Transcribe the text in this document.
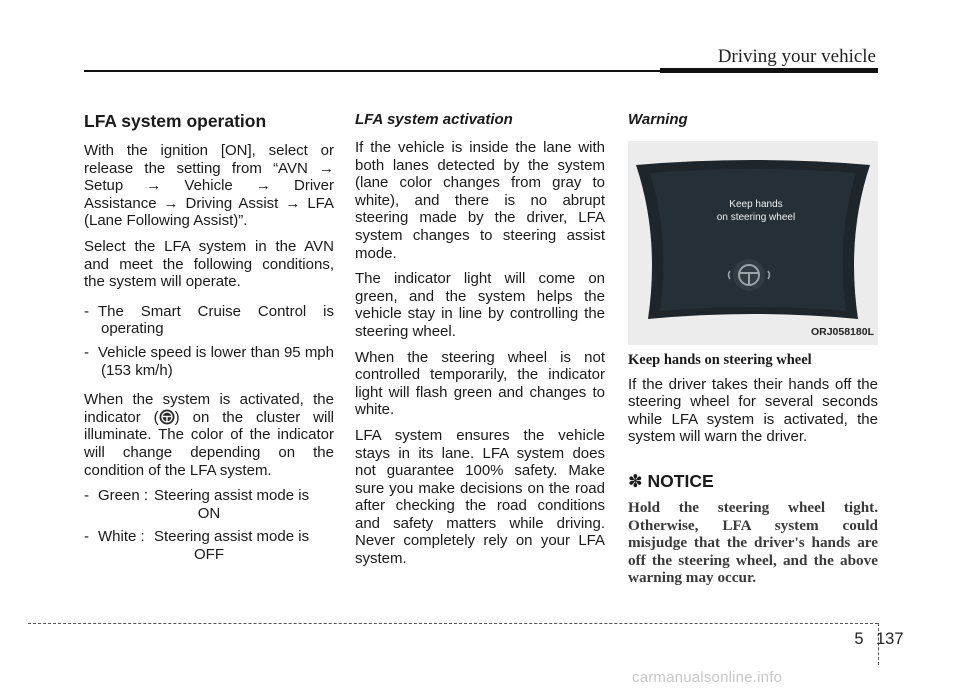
Driving your vehicle
LFA system operation

With the ignition [ON], select or release the setting from “AVN → Setup → Vehicle → Driver Assistance → Driving Assist → LFA (Lane Following Assist)”.

Select the LFA system in the AVN and meet the following conditions, the system will operate.

- The Smart Cruise Control is operating
- Vehicle speed is lower than 95 mph (153 km/h)

When the system is activated, the indicator ( ) on the cluster will illuminate. The color of the indicator will change depending on the condition of the LFA system.

- Green : Steering assist mode is
ON
- White : Steering assist mode is
OFF
LFA system activation

If the vehicle is inside the lane with both lanes detected by the system (lane color changes from gray to white), and there is no abrupt steering made by the driver, LFA system changes to steering assist mode.

The indicator light will come on green, and the system helps the vehicle stay in line by controlling the steering wheel.

When the steering wheel is not controlled temporarily, the indicator light will flash green and changes to white.

LFA system ensures the vehicle stays in its lane. LFA system does not guarantee 100% safety. Make sure you make decisions on the road after checking the road conditions and safety matters while driving. Never completely rely on your LFA system.

Warning
Keep hands
on steering wheel
ORJ058180L

Keep hands on steering wheel

If the driver takes their hands off the steering wheel for several seconds while LFA system is activated, the system will warn the driver.

✽ NOTICE

Hold the steering wheel tight. Otherwise, LFA system could misjudge that the driver's hands are off the steering wheel, and the above warning may occur.

5 137
carmanualsonline.info
